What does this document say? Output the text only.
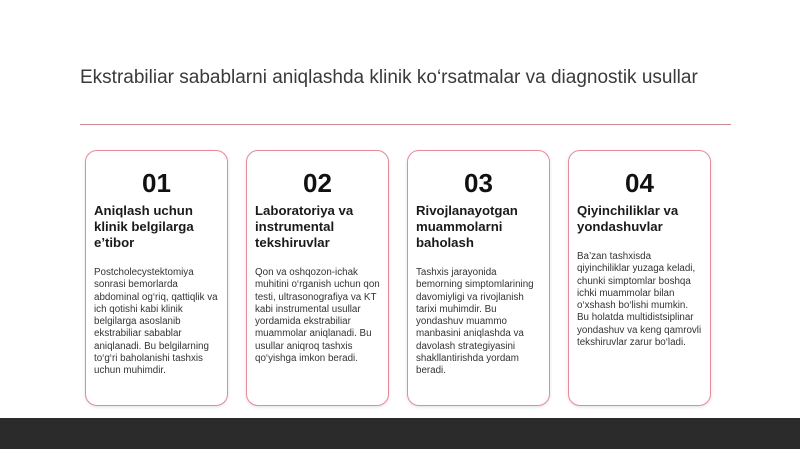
Ekstrabiliar sabablarni aniqlashda klinik ko‘rsatmalar va diagnostik usullar
01
Aniqlash uchun klinik belgilarga e’tibor
Postcholecystektomiya sonrasi bemorlarda abdominal og‘riq, qattiqlik va ich qotishi kabi klinik belgilarga asoslanib ekstrabiliar sabablar aniqlanadi. Bu belgilarning to‘g‘ri baholanishi tashxis uchun muhimdir.
02
Laboratoriya va instrumental tekshiruvlar
Qon va oshqozon-ichak muhitini o‘rganish uchun qon testi, ultrasonografiya va KT kabi instrumental usullar yordamida ekstrabiliar muammolar aniqlanadi. Bu usullar aniqroq tashxis qo‘yishga imkon beradi.
03
Rivojlanayotgan muammolarni baholash
Tashxis jarayonida bemorning simptomlarining davomiyligi va rivojlanish tarixi muhimdir. Bu yondashuv muammo manbasini aniqlashda va davolash strategiyasini shakllantirishda yordam beradi.
04
Qiyinchiliklar va yondashuvlar
Ba’zan tashxisda qiyinchiliklar yuzaga keladi, chunki simptomlar boshqa ichki muammolar bilan o‘xshash bo‘lishi mumkin. Bu holatda multidistsiplinar yondashuv va keng qamrovli tekshiruvlar zarur bo‘ladi.
